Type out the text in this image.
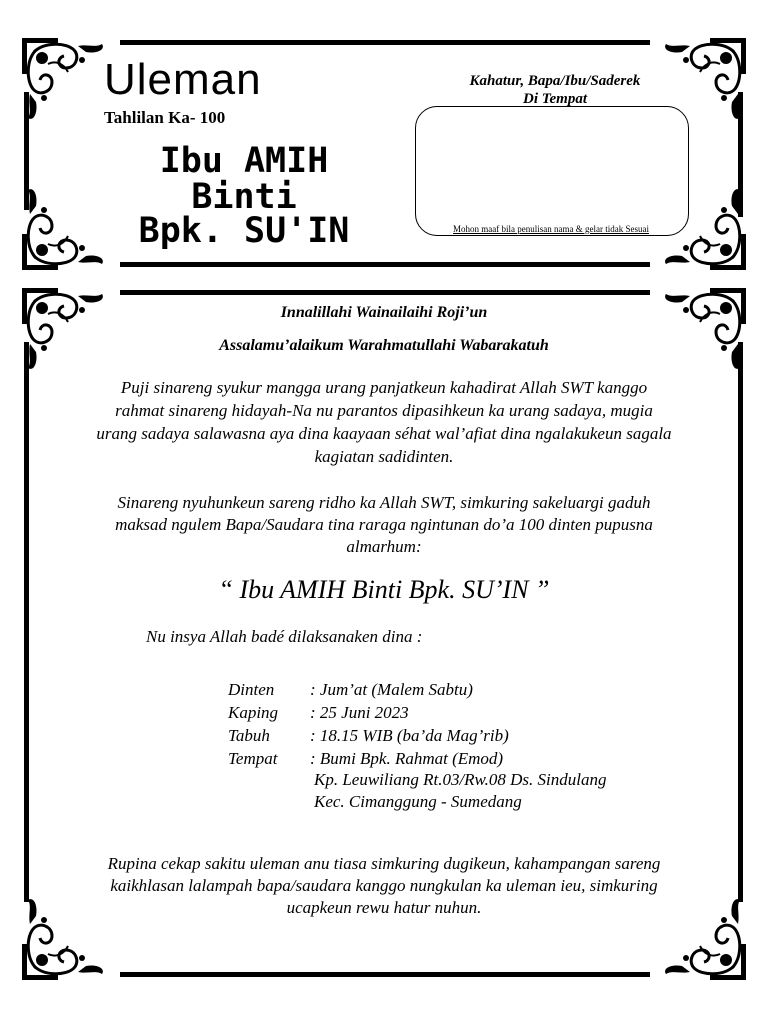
Uleman
Tahlilan Ka- 100
Ibu AMIH
Binti
Bpk. SU'IN
Kahatur, Bapa/Ibu/Saderek
Di Tempat
Mohon maaf bila penulisan nama & gelar tidak Sesuai
Innalillahi Wainailaihi Roji’un
Assalamu’alaikum Warahmatullahi Wabarakatuh
Puji sinareng syukur mangga urang panjatkeun kahadirat Allah SWT kanggo
rahmat sinareng hidayah-Na nu parantos dipasihkeun ka urang sadaya, mugia
urang sadaya salawasna aya dina kaayaan séhat wal’afiat dina ngalakukeun sagala
kagiatan sadidinten.
Sinareng nyuhunkeun sareng ridho ka Allah SWT, simkuring sakeluargi gaduh
maksad ngulem Bapa/Saudara tina raraga ngintunan do’a 100 dinten pupusna
almarhum:
“ Ibu AMIH Binti Bpk. SU’IN ”
Nu insya Allah badé dilaksanaken dina :
Dinten : Jum’at (Malem Sabtu)
Kaping : 25 Juni 2023
Tabuh : 18.15 WIB (ba’da Mag’rib)
Tempat : Bumi Bpk. Rahmat (Emod)
Kp. Leuwiliang Rt.03/Rw.08 Ds. Sindulang
Kec. Cimanggung - Sumedang
Rupina cekap sakitu uleman anu tiasa simkuring dugikeun, kahampangan sareng
kaikhlasan lalampah bapa/saudara kanggo nungkulan ka uleman ieu, simkuring
ucapkeun rewu hatur nuhun.
